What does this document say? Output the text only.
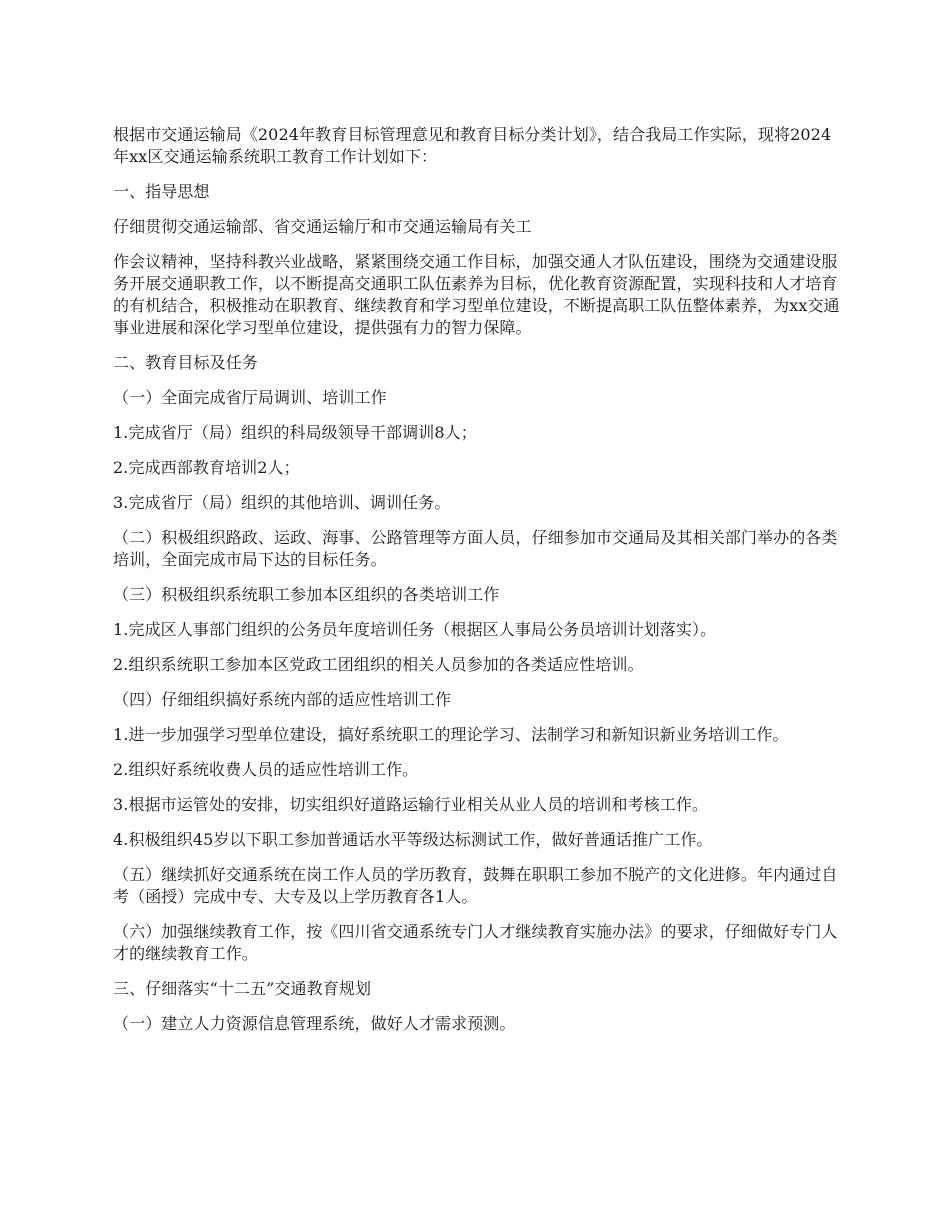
根据市交通运输局《2024年教育目标管理意见和教育目标分类计划》，结合我局工作实际，现将2024年xx区交通运输系统职工教育工作计划如下：

一、指导思想

仔细贯彻交通运输部、省交通运输厅和市交通运输局有关工

作会议精神，坚持科教兴业战略，紧紧围绕交通工作目标，加强交通人才队伍建设，围绕为交通建设服务开展交通职教工作，以不断提高交通职工队伍素养为目标，优化教育资源配置，实现科技和人才培育的有机结合，积极推动在职教育、继续教育和学习型单位建设，不断提高职工队伍整体素养，为xx交通事业进展和深化学习型单位建设，提供强有力的智力保障。

二、教育目标及任务

（一）全面完成省厅局调训、培训工作

1.完成省厅（局）组织的科局级领导干部调训8人；

2.完成西部教育培训2人；

3.完成省厅（局）组织的其他培训、调训任务。

（二）积极组织路政、运政、海事、公路管理等方面人员，仔细参加市交通局及其相关部门举办的各类培训，全面完成市局下达的目标任务。

（三）积极组织系统职工参加本区组织的各类培训工作

1.完成区人事部门组织的公务员年度培训任务（根据区人事局公务员培训计划落实）。

2.组织系统职工参加本区党政工团组织的相关人员参加的各类适应性培训。

（四）仔细组织搞好系统内部的适应性培训工作

1.进一步加强学习型单位建设，搞好系统职工的理论学习、法制学习和新知识新业务培训工作。

2.组织好系统收费人员的适应性培训工作。

3.根据市运管处的安排，切实组织好道路运输行业相关从业人员的培训和考核工作。

4.积极组织45岁以下职工参加普通话水平等级达标测试工作，做好普通话推广工作。

（五）继续抓好交通系统在岗工作人员的学历教育，鼓舞在职职工参加不脱产的文化进修。年内通过自考（函授）完成中专、大专及以上学历教育各1人。

（六）加强继续教育工作，按《四川省交通系统专门人才继续教育实施办法》的要求，仔细做好专门人才的继续教育工作。

三、仔细落实“十二五”交通教育规划

（一）建立人力资源信息管理系统，做好人才需求预测。
